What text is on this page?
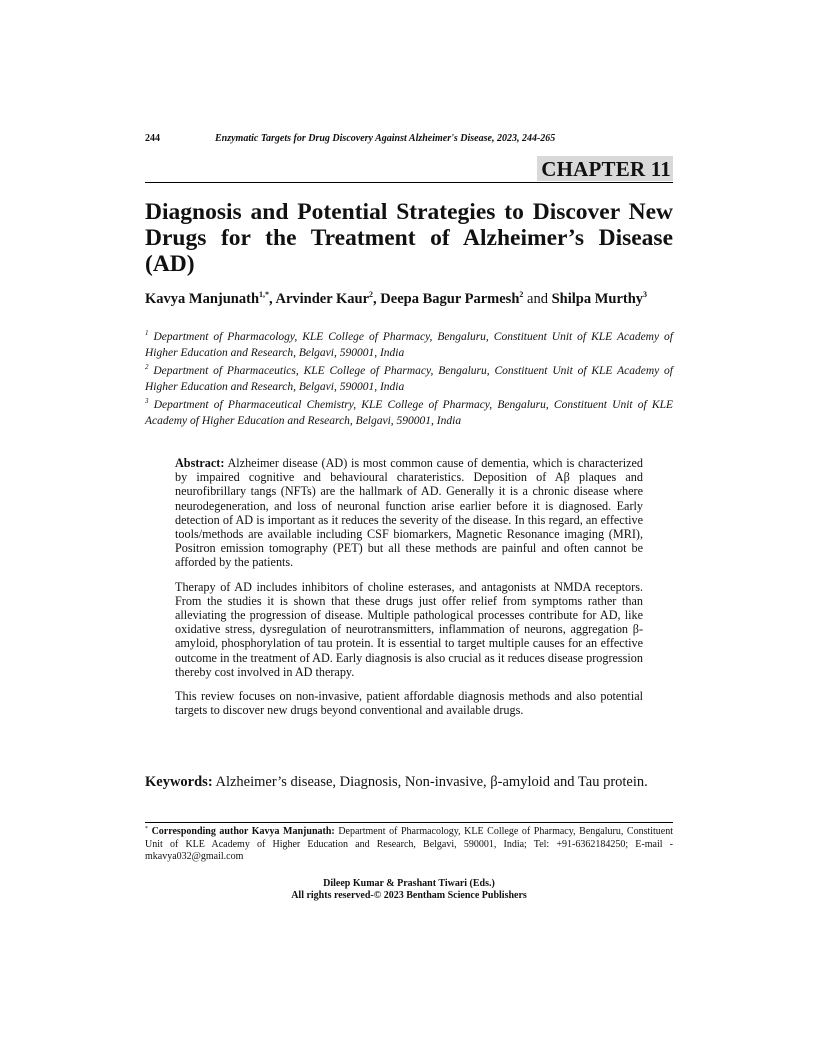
244	Enzymatic Targets for Drug Discovery Against Alzheimer's Disease, 2023, 244-265
CHAPTER 11
Diagnosis and Potential Strategies to Discover New Drugs for the Treatment of Alzheimer’s Disease (AD)
Kavya Manjunath$^{1,*}$, Arvinder Kaur$^2$, Deepa Bagur Parmesh$^2$ and Shilpa Murthy$^3$

$^1$ Department of Pharmacology, KLE College of Pharmacy, Bengaluru, Constituent Unit of KLE Academy of Higher Education and Research, Belgavi, 590001, India

$^2$ Department of Pharmaceutics, KLE College of Pharmacy, Bengaluru, Constituent Unit of KLE Academy of Higher Education and Research, Belgavi, 590001, India

$^3$ Department of Pharmaceutical Chemistry, KLE College of Pharmacy, Bengaluru, Constituent Unit of KLE Academy of Higher Education and Research, Belgavi, 590001, India

Abstract: Alzheimer disease (AD) is most common cause of dementia, which is characterized by impaired cognitive and behavioural charateristics. Deposition of Aβ plaques and neurofibrillary tangs (NFTs) are the hallmark of AD. Generally it is a chronic disease where neurodegeneration, and loss of neuronal function arise earlier before it is diagnosed. Early detection of AD is important as it reduces the severity of the disease. In this regard, an effective tools/methods are available including CSF biomarkers, Magnetic Resonance imaging (MRI), Positron emission tomography (PET) but all these methods are painful and often cannot be afforded by the patients.

Therapy of AD includes inhibitors of choline esterases, and antagonists at NMDA receptors. From the studies it is shown that these drugs just offer relief from symptoms rather than alleviating the progression of disease. Multiple pathological processes contribute for AD, like oxidative stress, dysregulation of neurotransmitters, inflammation of neurons, aggregation β-amyloid, phosphorylation of tau protein. It is essential to target multiple causes for an effective outcome in the treatment of AD. Early diagnosis is also crucial as it reduces disease progression thereby cost involved in AD therapy.

This review focuses on non-invasive, patient affordable diagnosis methods and also potential targets to discover new drugs beyond conventional and available drugs.

Keywords: Alzheimer’s disease, Diagnosis, Non-invasive, β-amyloid and Tau protein.
* Corresponding author Kavya Manjunath: Department of Pharmacology, KLE College of Pharmacy, Bengaluru, Constituent Unit of KLE Academy of Higher Education and Research, Belgavi, 590001, India; Tel: +91-6362184250; E-mail - mkavya032@gmail.com
Dileep Kumar & Prashant Tiwari (Eds.)
All rights reserved-© 2023 Bentham Science Publishers
